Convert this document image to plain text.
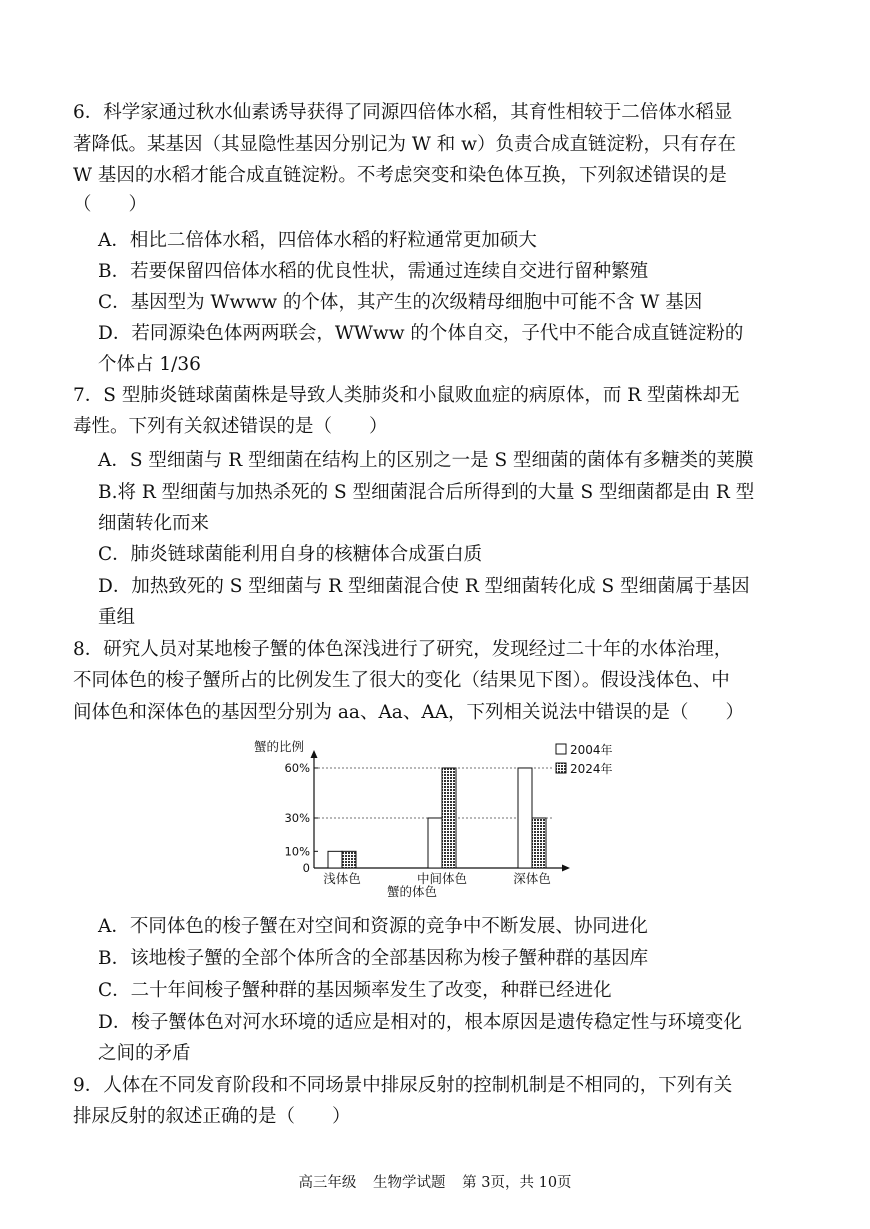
6．科学家通过秋水仙素诱导获得了同源四倍体水稻，其育性相较于二倍体水稻显

著降低。某基因（其显隐性基因分别记为 W 和 w）负责合成直链淀粉，只有存在

W 基因的水稻才能合成直链淀粉。不考虑突变和染色体互换，下列叙述错误的是

（　　）

A．相比二倍体水稻，四倍体水稻的籽粒通常更加硕大

B．若要保留四倍体水稻的优良性状，需通过连续自交进行留种繁殖

C．基因型为 Wwww 的个体，其产生的次级精母细胞中可能不含 W 基因

D．若同源染色体两两联会，WWww 的个体自交，子代中不能合成直链淀粉的

个体占 1/36

7．S 型肺炎链球菌菌株是导致人类肺炎和小鼠败血症的病原体，而 R 型菌株却无

毒性。下列有关叙述错误的是（　　）

A．S 型细菌与 R 型细菌在结构上的区别之一是 S 型细菌的菌体有多糖类的荚膜

B.将 R 型细菌与加热杀死的 S 型细菌混合后所得到的大量 S 型细菌都是由 R 型

细菌转化而来

C．肺炎链球菌能利用自身的核糖体合成蛋白质

D．加热致死的 S 型细菌与 R 型细菌混合使 R 型细菌转化成 S 型细菌属于基因

重组

8．研究人员对某地梭子蟹的体色深浅进行了研究，发现经过二十年的水体治理，

不同体色的梭子蟹所占的比例发生了很大的变化（结果见下图）。假设浅体色、中

间体色和深体色的基因型分别为 aa、Aa、AA，下列相关说法中错误的是（　　）

蟹的比例
蟹的体色
60%
30%
10%
0
浅体色	中间体色	深体色
2004年
2024年

A．不同体色的梭子蟹在对空间和资源的竞争中不断发展、协同进化

B．该地梭子蟹的全部个体所含的全部基因称为梭子蟹种群的基因库

C．二十年间梭子蟹种群的基因频率发生了改变，种群已经进化

D．梭子蟹体色对河水环境的适应是相对的，根本原因是遗传稳定性与环境变化

之间的矛盾

9．人体在不同发育阶段和不同场景中排尿反射的控制机制是不相同的，下列有关

排尿反射的叙述正确的是（　　）

高三年级 生物学试题 第 3页，共 10页
